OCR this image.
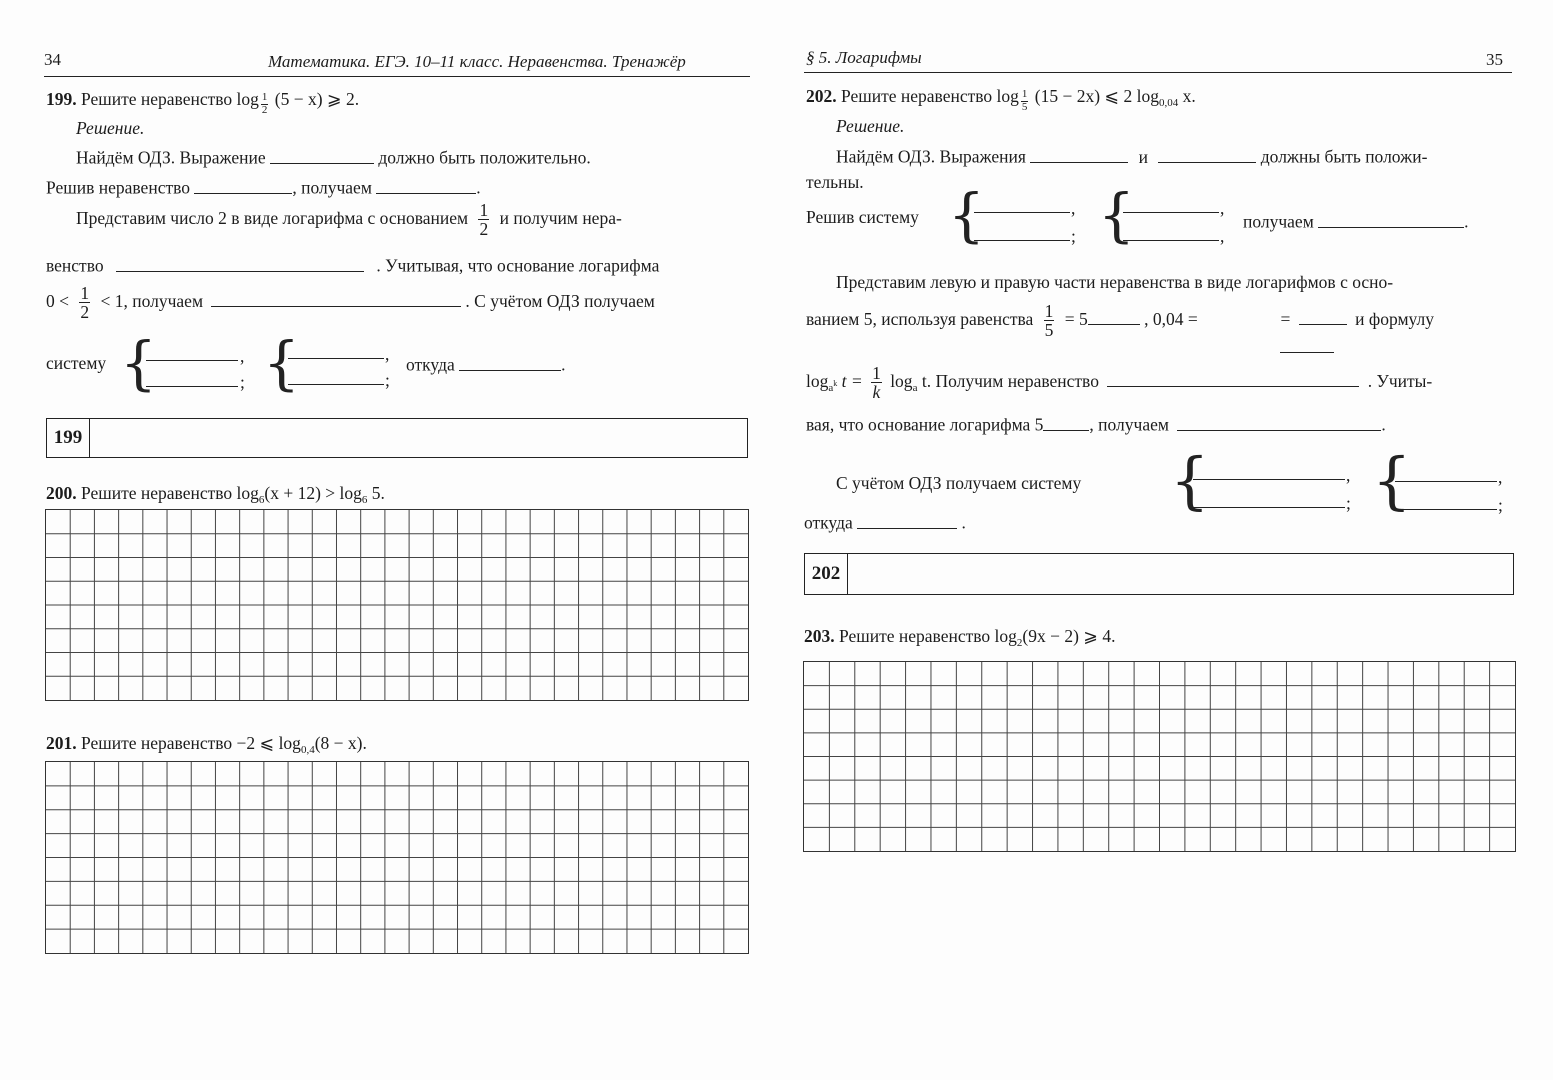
34	Математика. ЕГЭ. 10–11 класс. Неравенства. Тренажёр
199. Решите неравенство $\log \frac{1}{2} (5 - x)$ ⩾ 2.
Решение.
Найдём ОДЗ. Выражение	должно быть положительно.
Решив неравенство	, получаем	.
Представим число 2 в виде логарифма с основанием $\frac{1}{2}$ и получим нера-
венство	. Учитывая, что основание логарифма
$0 < \frac{1}{2} < 1$, получаем	. С учётом ОДЗ получаем
систему {	,
; {	,
;
откуда	.
199
200. Решите неравенство $\log_6(x + 12) > \log_6 5$.
201. Решите неравенство −2 ⩽ $\log_{0,4}(8 - x)$.
§ 5. Логарифмы	35
202. Решите неравенство $\log \frac{1}{5} (15 - 2x)$ ⩽ 2 $\log_{0,04} x$.
Решение.
Найдём ОДЗ. Выражения	и	должны быть положи-
тельны.
Решив систему {	,
; {	,
,
получаем	.
Представим левую и правую части неравенства в виде логарифмов с осно-
ванием 5, используя равенства $\frac{1}{5} = 5$	, 0,04 =	=	и формулу
$\log_{a^k} t = \frac{1}{k} \log_a t$. Получим неравенство	. Учиты-
вая, что основание логарифма 5	, получаем	.
С учётом ОДЗ получаем систему {	,
; {	,
;
откуда	.
202
203. Решите неравенство $\log_2(9x - 2)$ ⩾ 4.
